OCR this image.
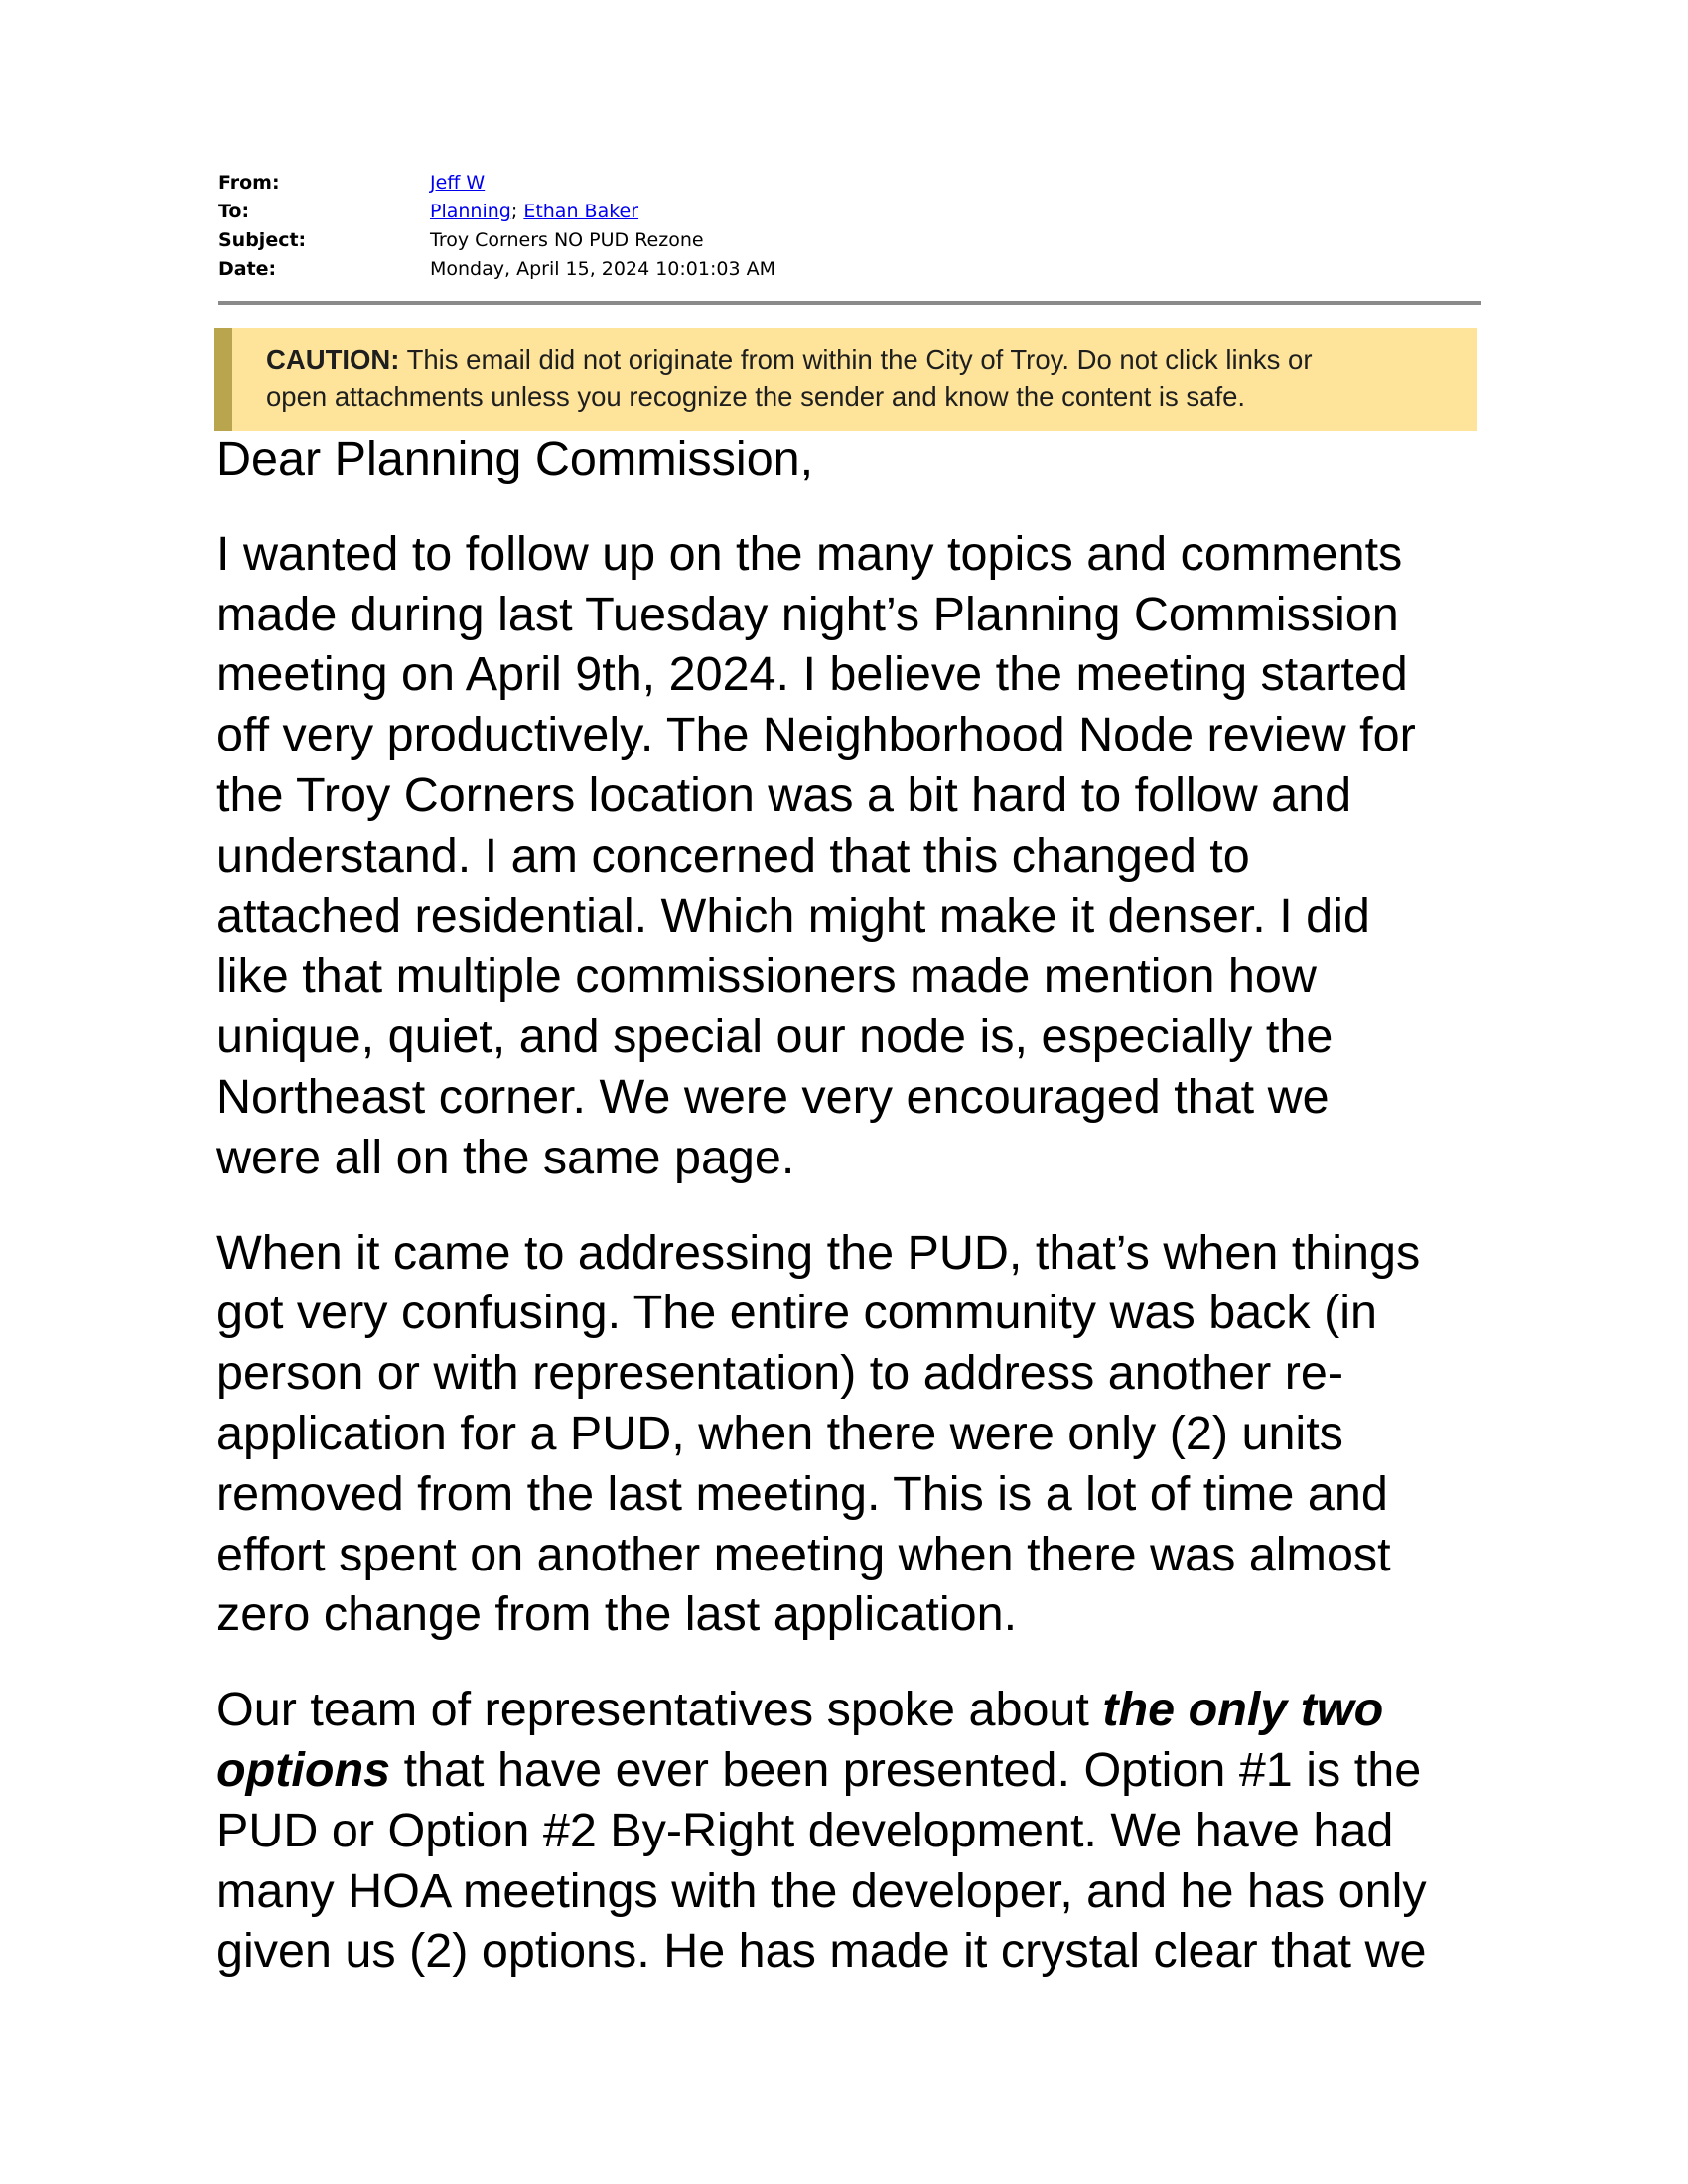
From:	Jeff W
To:	Planning; Ethan Baker
Subject:	Troy Corners NO PUD Rezone
Date:	Monday, April 15, 2024 10:01:03 AM
CAUTION: This email did not originate from within the City of Troy. Do not click links or
open attachments unless you recognize the sender and know the content is safe.

Dear Planning Commission,

I wanted to follow up on the many topics and comments
made during last Tuesday night’s Planning Commission
meeting on April 9th, 2024. I believe the meeting started
off very productively. The Neighborhood Node review for
the Troy Corners location was a bit hard to follow and
understand. I am concerned that this changed to
attached residential. Which might make it denser. I did
like that multiple commissioners made mention how
unique, quiet, and special our node is, especially the
Northeast corner. We were very encouraged that we
were all on the same page.

When it came to addressing the PUD, that’s when things
got very confusing. The entire community was back (in
person or with representation) to address another re-
application for a PUD, when there were only (2) units
removed from the last meeting. This is a lot of time and
effort spent on another meeting when there was almost
zero change from the last application.

Our team of representatives spoke about the only two
options that have ever been presented. Option #1 is the
PUD or Option #2 By-Right development. We have had
many HOA meetings with the developer, and he has only
given us (2) options. He has made it crystal clear that we
